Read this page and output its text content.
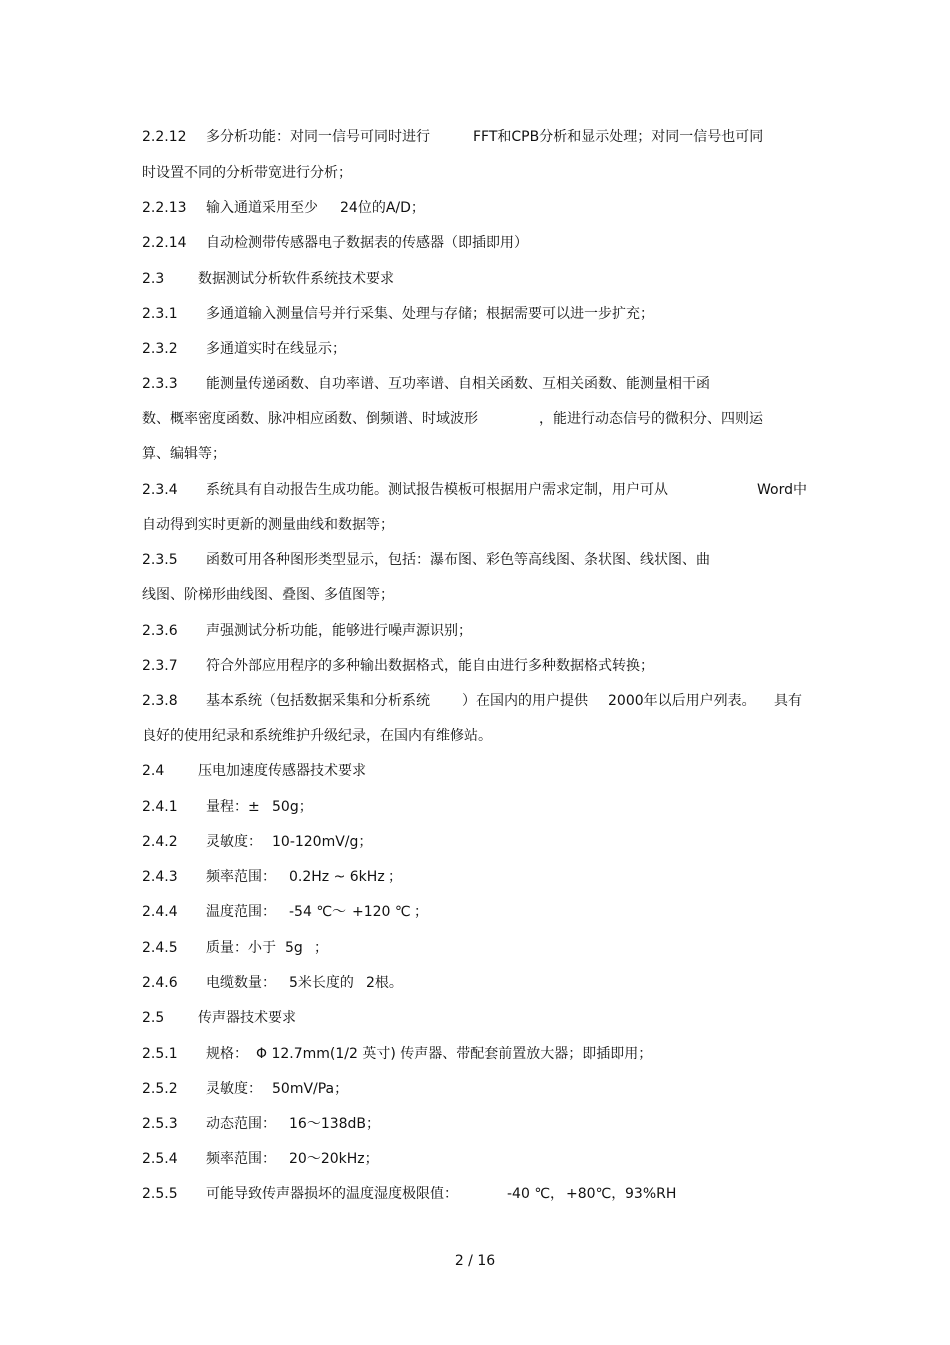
2.2.12 多分析功能：对同一信号可同时进行	FFT和CPB分析和显示处理；对同一信号也可同
时设置不同的分析带宽进行分析；
2.2.13 输入通道采用至少 24位的A/D；
2.2.14 自动检测带传感器电子数据表的传感器（即插即用）
2.3 数据测试分析软件系统技术要求
2.3.1 多通道输入测量信号并行采集、处理与存储；根据需要可以进一步扩充；
2.3.2 多通道实时在线显示；
2.3.3 能测量传递函数、自功率谱、互功率谱、自相关函数、互相关函数、能测量相干函
数、概率密度函数、脉冲相应函数、倒频谱、时域波形	，能进行动态信号的微积分、四则运
算、编辑等；
2.3.4 系统具有自动报告生成功能。测试报告模板可根据用户需求定制，用户可从	Word中
自动得到实时更新的测量曲线和数据等；
2.3.5 函数可用各种图形类型显示，包括：瀑布图、彩色等高线图、条状图、线状图、曲
线图、阶梯形曲线图、叠图、多值图等；
2.3.6 声强测试分析功能，能够进行噪声源识别；
2.3.7 符合外部应用程序的多种输出数据格式，能自由进行多种数据格式转换；
2.3.8 基本系统（包括数据采集和分析系统 ）在国内的用户提供 2000年以后用户列表。 具有
良好的使用纪录和系统维护升级纪录，在国内有维修站。
2.4 压电加速度传感器技术要求
2.4.1 量程：± 50g；
2.4.2 灵敏度： 10-120mV/g；
2.4.3 频率范围： 0.2Hz ~ 6kHz ；
2.4.4 温度范围： -54 ℃～ +120 ℃ ；
2.4.5 质量：小于 5g ；
2.4.6 电缆数量： 5米长度的 2根。
2.5 传声器技术要求
2.5.1 规格： Φ 12.7mm(1/2 英寸) 传声器、带配套前置放大器；即插即用；
2.5.2 灵敏度： 50mV/Pa；
2.5.3 动态范围： 16～138dB；
2.5.4 频率范围： 20～20kHz；
2.5.5 可能导致传声器损坏的温度湿度极限值：	-40 ℃， +80℃， 93%RH
2 / 16
